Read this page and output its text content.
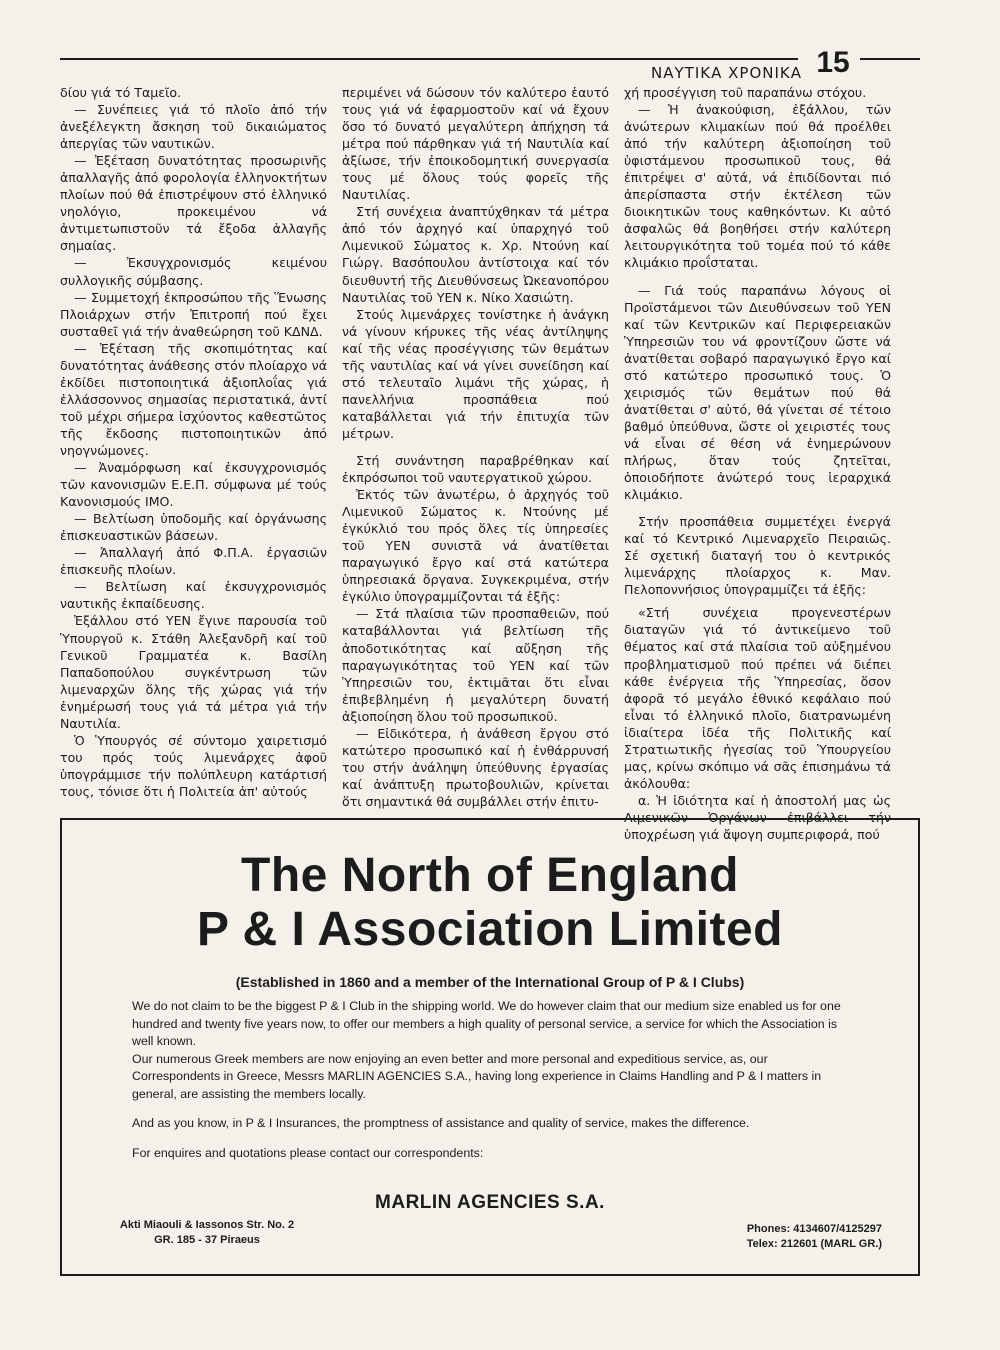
ΝΑΥΤΙΚΑ ΧΡΟΝΙΚΑ 15

δίου γιά τό Ταμεῖο.

— Συνέπειες γιά τό πλοῖο ἀπό τήν ἀνεξέλεγκτη ἄσκηση τοῦ δικαιώματος ἀπεργίας τῶν ναυτικῶν.

— Ἐξέταση δυνατότητας προσωρινῆς ἀπαλλαγῆς ἀπό φορολογία ἑλληνοκτήτων πλοίων πού θά ἐπιστρέψουν στό ἑλληνικό νηολόγιο, προκειμένου νά ἀντιμετωπιστοῦν τά ἔξοδα ἀλλαγῆς σημαίας.

— Ἐκσυγχρονισμός κειμένου συλλογικῆς σύμβασης.

— Συμμετοχή ἐκπροσώπου τῆς Ἕνωσης Πλοιάρχων στήν Ἐπιτροπή πού ἔχει συσταθεῖ γιά τήν ἀναθεώρηση τοῦ ΚΔΝΔ.

— Ἐξέταση τῆς σκοπιμότητας καί δυνατότητας ἀνάθεσης στόν πλοίαρχο νά ἐκδίδει πιστοποιητικά ἀξιοπλοΐας γιά ἐλλάσσοννος σημασίας περιστατικά, ἀντί τοῦ μέχρι σήμερα ἰσχύοντος καθεστῶτος τῆς ἔκδοσης πιστοποιητικῶν ἀπό νηογνώμονες.

— Ἀναμόρφωση καί ἐκσυγχρονισμός τῶν κανονισμῶν Ε.Ε.Π. σύμφωνα μέ τούς Κανονισμούς ΙΜΟ.

— Βελτίωση ὑποδομῆς καί ὀργάνωσης ἐπισκευαστικῶν βάσεων.

— Ἀπαλλαγή ἀπό Φ.Π.Α. ἐργασιῶν ἐπισκευῆς πλοίων.

— Βελτίωση καί ἐκσυγχρονισμός ναυτικῆς ἐκπαίδευσης.

Ἐξάλλου στό ΥΕΝ ἔγινε παρουσία τοῦ Ὑπουργοῦ κ. Στάθη Ἀλεξανδρῆ καί τοῦ Γενικοῦ Γραμματέα κ. Βασίλη Παπαδοπούλου συγκέντρωση τῶν λιμεναρχῶν ὅλης τῆς χώρας γιά τήν ἐνημέρωσή τους γιά τά μέτρα γιά τήν Ναυτιλία.

Ὁ Ὑπουργός σέ σύντομο χαιρετισμό του πρός τούς λιμενάρχες ἀφοῦ ὑπογράμμισε τήν πολύπλευρη κατάρτισή τους, τόνισε ὅτι ἡ Πολιτεία ἀπ' αὐτούς

περιμένει νά δώσουν τόν καλύτερο ἑαυτό τους γιά νά ἐφαρμοστοῦν καί νά ἔχουν ὅσο τό δυνατό μεγαλύτερη ἀπήχηση τά μέτρα πού πάρθηκαν γιά τή Ναυτιλία καί ἀξίωσε, τήν ἐποικοδομητική συνεργασία τους μέ ὅλους τούς φορεῖς τῆς Ναυτιλίας.

Στή συνέχεια ἀναπτύχθηκαν τά μέτρα ἀπό τόν ἀρχηγό καί ὑπαρχηγό τοῦ Λιμενικοῦ Σώματος κ. Χρ. Ντούνη καί Γιώργ. Βασόπουλου ἀντίστοιχα καί τόν διευθυντή τῆς Διευθύνσεως Ὠκεανοπόρου Ναυτιλίας τοῦ ΥΕΝ κ. Νίκο Χασιώτη.

Στούς λιμενάρχες τονίστηκε ἡ ἀνάγκη νά γίνουν κήρυκες τῆς νέας ἀντίληψης καί τῆς νέας προσέγγισης τῶν θεμάτων τῆς ναυτιλίας καί νά γίνει συνείδηση καί στό τελευταῖο λιμάνι τῆς χώρας, ἡ πανελλήνια προσπάθεια πού καταβάλλεται γιά τήν ἐπιτυχία τῶν μέτρων.

Στή συνάντηση παραβρέθηκαν καί ἐκπρόσωποι τοῦ ναυτεργατικοῦ χώρου.

Ἐκτός τῶν ἀνωτέρω, ὁ ἀρχηγός τοῦ Λιμενικοῦ Σώματος κ. Ντούνης μέ ἐγκύκλιό του πρός ὅλες τίς ὑπηρεσίες τοῦ ΥΕΝ συνιστᾶ νά ἀνατίθεται παραγωγικό ἔργο καί στά κατώτερα ὑπηρεσιακά ὄργανα. Συγκεκριμένα, στήν ἐγκύλιο ὑπογραμμίζονται τά ἑξῆς:

— Στά πλαίσια τῶν προσπαθειῶν, πού καταβάλλονται γιά βελτίωση τῆς ἀποδοτικότητας καί αὔξηση τῆς παραγωγικότητας τοῦ ΥΕΝ καί τῶν Ὑπηρεσιῶν του, ἐκτιμᾶται ὅτι εἶναι ἐπιβεβλημένη ἡ μεγαλύτερη δυνατή ἀξιοποίηση ὅλου τοῦ προσωπικοῦ.

— Εἰδικότερα, ἡ ἀνάθεση ἔργου στό κατώτερο προσωπικό καί ἡ ἐνθάρρυνσή του στήν ἀνάληψη ὑπεύθυνης ἐργασίας καί ἀνάπτυξη πρωτοβουλιῶν, κρίνεται ὅτι σημαντικά θά συμβάλλει στήν ἐπιτυ-

χή προσέγγιση τοῦ παραπάνω στόχου.

— Ἡ ἀνακούφιση, ἐξάλλου, τῶν ἀνώτερων κλιμακίων πού θά προέλθει ἀπό τήν καλύτερη ἀξιοποίηση τοῦ ὑφιστάμενου προσωπικοῦ τους, θά ἐπιτρέψει σ' αὐτά, νά ἐπιδίδονται πιό ἀπερίσπαστα στήν ἐκτέλεση τῶν διοικητικῶν τους καθηκόντων. Κι αὐτό ἀσφαλῶς θά βοηθήσει στήν καλύτερη λειτουργικότητα τοῦ τομέα πού τό κάθε κλιμάκιο προΐσταται.

— Γιά τούς παραπάνω λόγους οἱ Προϊστάμενοι τῶν Διευθύνσεων τοῦ ΥΕΝ καί τῶν Κεντρικῶν καί Περιφερειακῶν Ὑπηρεσιῶν του νά φροντίζουν ὥστε νά ἀνατίθεται σοβαρό παραγωγικό ἔργο καί στό κατώτερο προσωπικό τους. Ὁ χειρισμός τῶν θεμάτων πού θά ἀνατίθεται σ' αὐτό, θά γίνεται σέ τέτοιο βαθμό ὑπεύθυνα, ὥστε οἱ χειριστές τους νά εἶναι σέ θέση νά ἐνημερώνουν πλήρως, ὅταν τούς ζητεῖται, ὁποιοδήποτε ἀνώτερό τους ἱεραρχικά κλιμάκιο.

Στήν προσπάθεια συμμετέχει ἐνεργά καί τό Κεντρικό Λιμεναρχεῖο Πειραιῶς. Σέ σχετική διαταγή του ὁ κεντρικός λιμενάρχης πλοίαρχος κ. Μαν. Πελοποννήσιος ὑπογραμμίζει τά ἑξῆς:

«Στή συνέχεια προγενεστέρων διαταγῶν γιά τό ἀντικείμενο τοῦ θέματος καί στά πλαίσια τοῦ αὐξημένου προβληματισμοῦ πού πρέπει νά διέπει κάθε ἐνέργεια τῆς Ὑπηρεσίας, ὅσον ἀφορᾶ τό μεγάλο ἐθνικό κεφάλαιο πού εἶναι τό ἑλληνικό πλοῖο, διατρανωμένη ἰδιαίτερα ἰδέα τῆς Πολιτικῆς καί Στρατιωτικῆς ἡγεσίας τοῦ Ὑπουργείου μας, κρίνω σκόπιμο νά σᾶς ἐπισημάνω τά ἀκόλουθα:

α. Ἡ ἰδιότητα καί ἡ ἀποστολή μας ὡς Λιμενικῶν Ὀργάνων ἐπιβάλλει τήν ὑποχρέωση γιά ἄψογη συμπεριφορά, πού

The North of England
P & I Association Limited
(Established in 1860 and a member of the International Group of P & I Clubs)

We do not claim to be the biggest P & I Club in the shipping world. We do however claim that our medium size enabled us for one hundred and twenty five years now, to offer our members a high quality of personal service, a service for which the Association is well known.

Our numerous Greek members are now enjoying an even better and more personal and expeditious service, as, our Correspondents in Greece, Messrs MARLIN AGENCIES S.A., having long experience in Claims Handling and P & I matters in general, are assisting the members locally.

And as you know, in P & I Insurances, the promptness of assistance and quality of service, makes the difference.

For enquires and quotations please contact our correspondents:

MARLIN AGENCIES S.A.
Akti Miaouli & Iassonos Str. No. 2
GR. 185 - 37 Piraeus
Phones: 4134607/4125297
Telex: 212601 (MARL GR.)
